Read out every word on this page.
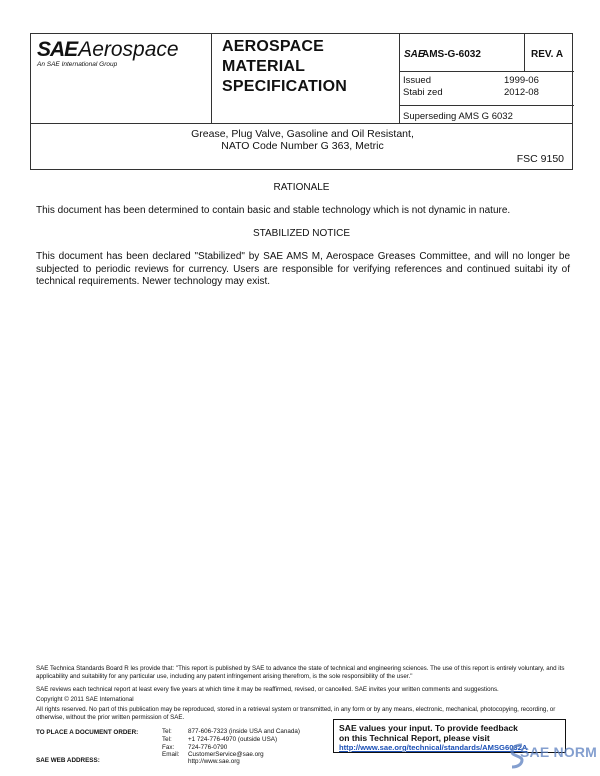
SAEAerospace
An SAE International Group
AEROSPACE
MATERIAL
SPECIFICATION
SAE
AMS-G-6032	REV. A
Issued	1999-06
Stabi zed	2012-08
Superseding AMS G 6032
Grease, Plug Valve, Gasoline and Oil Resistant,
NATO Code Number G 363, Metric
FSC 9150
RATIONALE
This document has been determined to contain basic and stable technology which is not dynamic in nature.
STABILIZED NOTICE
This document has been declared "Stabilized" by SAE AMS M, Aerospace Greases Committee, and will no longer be subjected to periodic reviews for currency. Users are responsible for verifying references and continued suitabi ity of technical requirements. Newer technology may exist.
SAE Technica Standards Board R les provide that: "This report is published by SAE to advance the state of technical and engineering sciences. The use of this report is entirely voluntary, and its applicability and suitability for any particular use, including any patent infringement arising therefrom, is the sole responsibility of the user."
SAE reviews each technical report at least every five years at which time it may be reaffirmed, revised, or cancelled. SAE invites your written comments and suggestions.
Copyright © 2011 SAE International
All rights reserved. No part of this publication may be reproduced, stored in a retrieval system or transmitted, in any form or by any means, electronic, mechanical, photocopying, recording, or otherwise, without the prior written permission of SAE.
TO PLACE A DOCUMENT ORDER:
SAE WEB ADDRESS:
Tel:	877-606-7323 (inside USA and Canada)
Tel:	+1 724-776-4970 (outside USA)
Fax:	724-776-0790
Email:	CustomerService@sae.org
http://www.sae.org
SAE values your input. To provide feedback
on this Technical Report, please visit
http://www.sae.org/technical/standards/AMSG6032A
SAE NORM
